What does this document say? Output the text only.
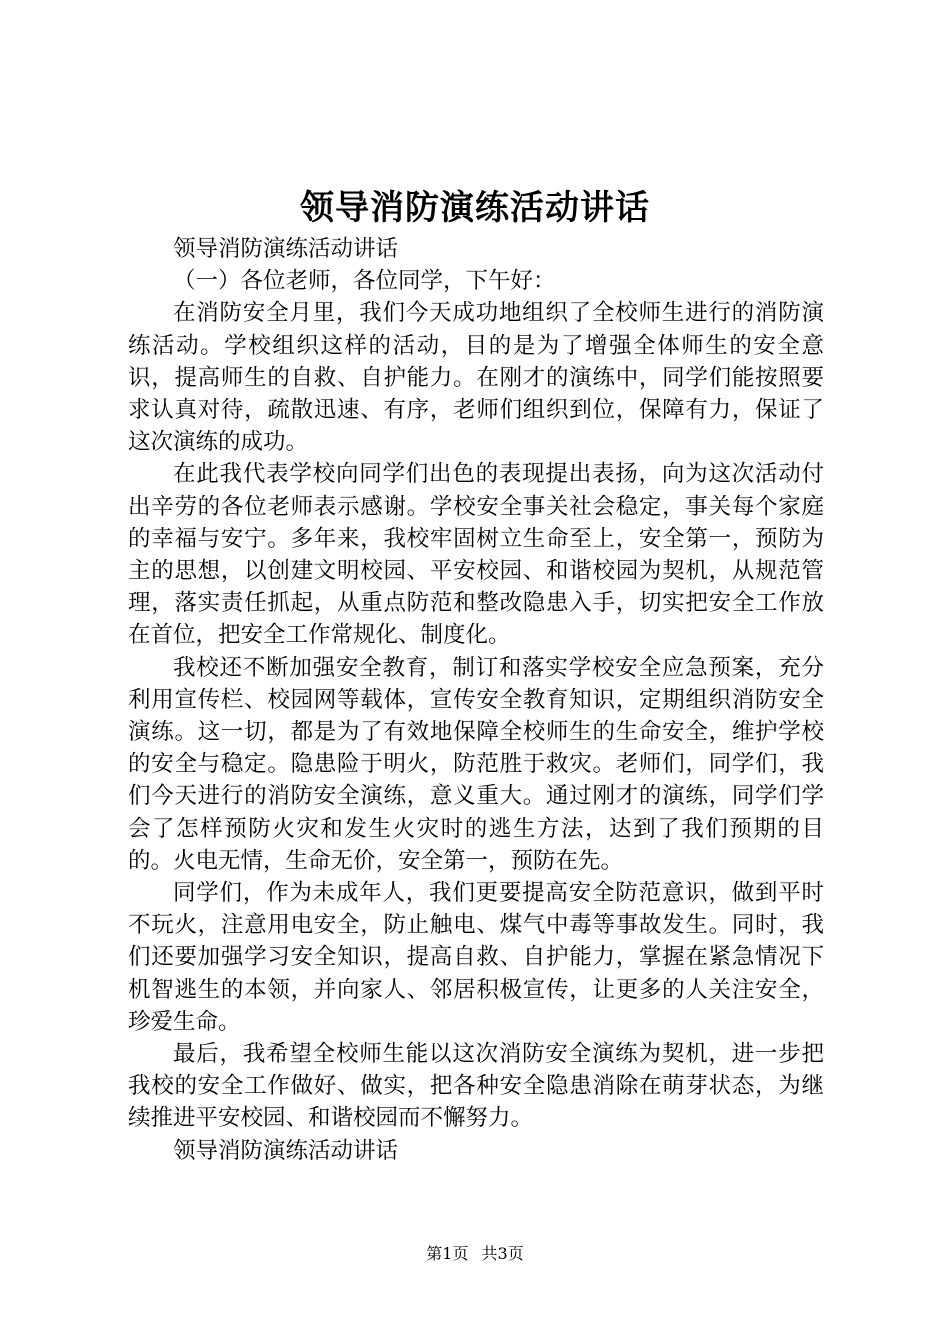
领导消防演练活动讲话

领导消防演练活动讲话

（一）各位老师，各位同学，下午好：

在消防安全月里，我们今天成功地组织了全校师生进行的消防演练活动。学校组织这样的活动，目的是为了增强全体师生的安全意识，提高师生的自救、自护能力。在刚才的演练中，同学们能按照要求认真对待，疏散迅速、有序，老师们组织到位，保障有力，保证了这次演练的成功。

在此我代表学校向同学们出色的表现提出表扬，向为这次活动付出辛劳的各位老师表示感谢。学校安全事关社会稳定，事关每个家庭的幸福与安宁。多年来，我校牢固树立生命至上，安全第一，预防为主的思想，以创建文明校园、平安校园、和谐校园为契机，从规范管理，落实责任抓起，从重点防范和整改隐患入手，切实把安全工作放在首位，把安全工作常规化、制度化。

我校还不断加强安全教育，制订和落实学校安全应急预案，充分利用宣传栏、校园网等载体，宣传安全教育知识，定期组织消防安全演练。这一切，都是为了有效地保障全校师生的生命安全，维护学校的安全与稳定。隐患险于明火，防范胜于救灾。老师们，同学们，我们今天进行的消防安全演练，意义重大。通过刚才的演练，同学们学会了怎样预防火灾和发生火灾时的逃生方法，达到了我们预期的目的。火电无情，生命无价，安全第一，预防在先。

同学们，作为未成年人，我们更要提高安全防范意识，做到平时不玩火，注意用电安全，防止触电、煤气中毒等事故发生。同时，我们还要加强学习安全知识，提高自救、自护能力，掌握在紧急情况下机智逃生的本领，并向家人、邻居积极宣传，让更多的人关注安全，珍爱生命。

最后，我希望全校师生能以这次消防安全演练为契机，进一步把我校的安全工作做好、做实，把各种安全隐患消除在萌芽状态，为继续推进平安校园、和谐校园而不懈努力。

领导消防演练活动讲话

第1页 共3页
